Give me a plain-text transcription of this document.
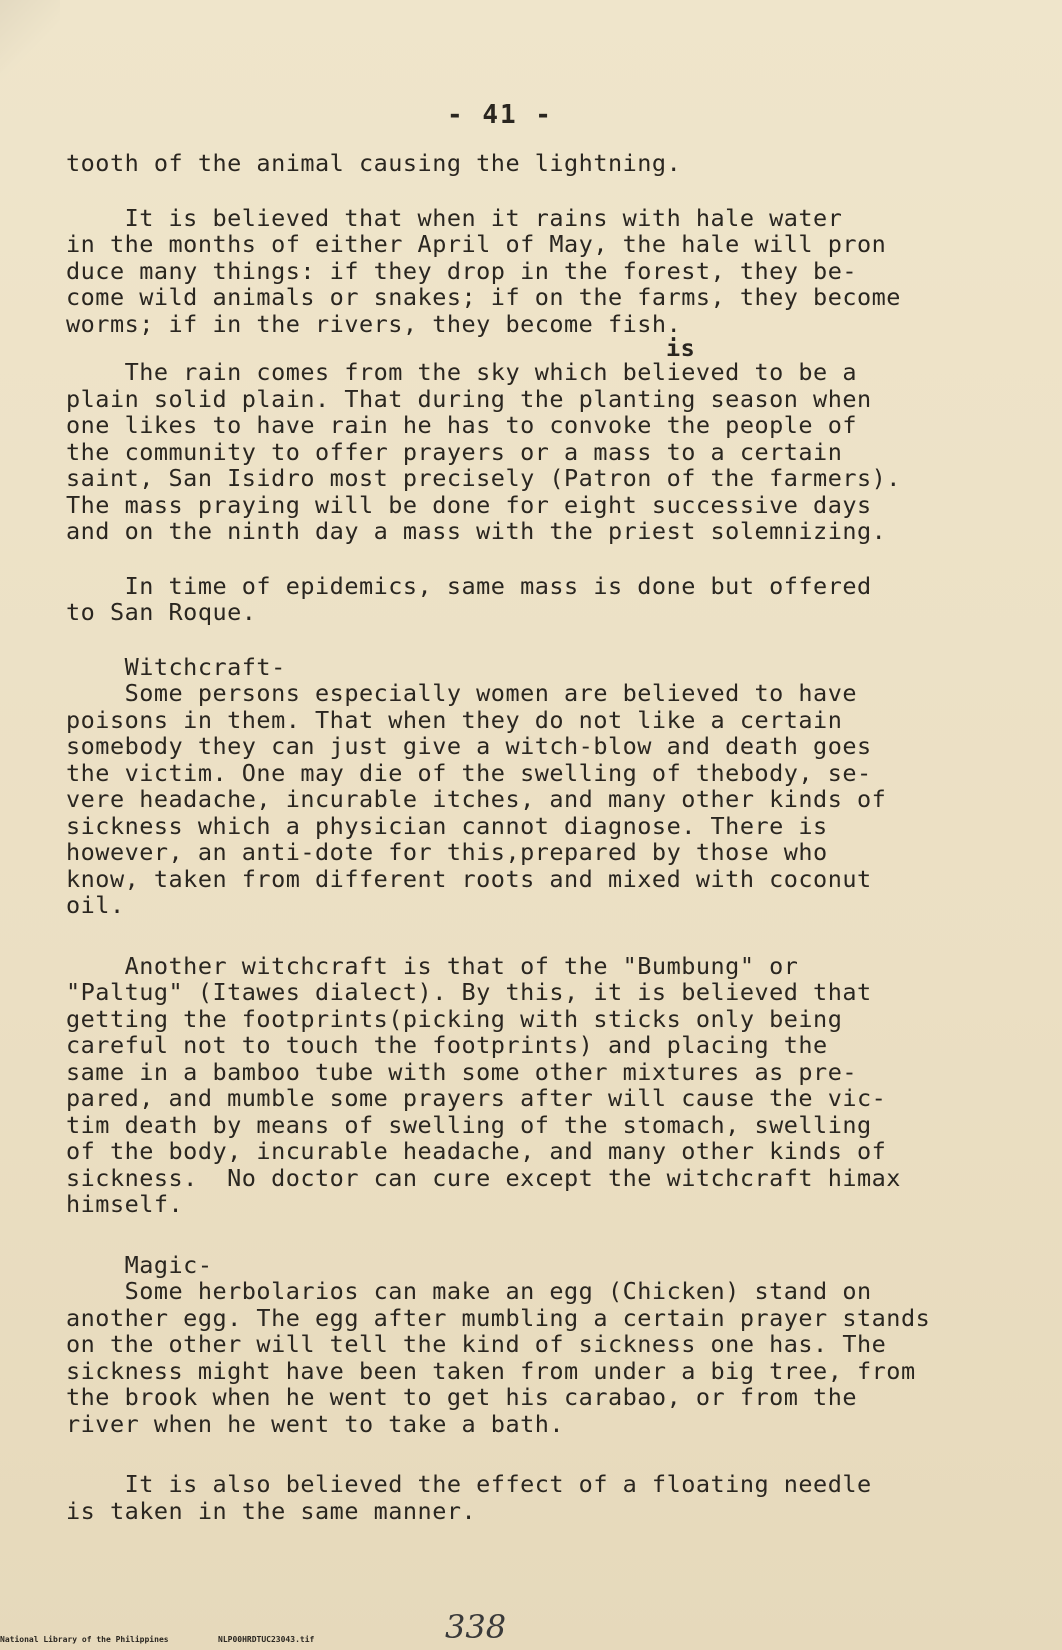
- 41 -
tooth of the animal causing the lightning.
It is believed that when it rains with hale water
in the months of either April of May, the hale will pron
duce many things: if they drop in the forest, they be-
come wild animals or snakes; if on the farms, they become
worms; if in the rivers, they become fish.
is
The rain comes from the sky which believed to be a
plain solid plain. That during the planting season when
one likes to have rain he has to convoke the people of
the community to offer prayers or a mass to a certain
saint, San Isidro most precisely (Patron of the farmers).
The mass praying will be done for eight successive days
and on the ninth day a mass with the priest solemnizing.
In time of epidemics, same mass is done but offered
to San Roque.
Witchcraft-
Some persons especially women are believed to have
poisons in them. That when they do not like a certain
somebody they can just give a witch-blow and death goes
the victim. One may die of the swelling of thebody, se-
vere headache, incurable itches, and many other kinds of
sickness which a physician cannot diagnose. There is
however, an anti-dote for this,prepared by those who
know, taken from different roots and mixed with coconut
oil.
Another witchcraft is that of the "Bumbung" or
"Paltug" (Itawes dialect). By this, it is believed that
getting the footprints(picking with sticks only being
careful not to touch the footprints) and placing the
same in a bamboo tube with some other mixtures as pre-
pared, and mumble some prayers after will cause the vic-
tim death by means of swelling of the stomach, swelling
of the body, incurable headache, and many other kinds of
sickness.  No doctor can cure except the witchcraft himax
himself.
Magic-
Some herbolarios can make an egg (Chicken) stand on
another egg. The egg after mumbling a certain prayer stands
on the other will tell the kind of sickness one has. The
sickness might have been taken from under a big tree, from
the brook when he went to get his carabao, or from the
river when he went to take a bath.
It is also believed the effect of a floating needle
is taken in the same manner.
National Library of the Philippines	NLP00HRDTUC23043.tif	338
